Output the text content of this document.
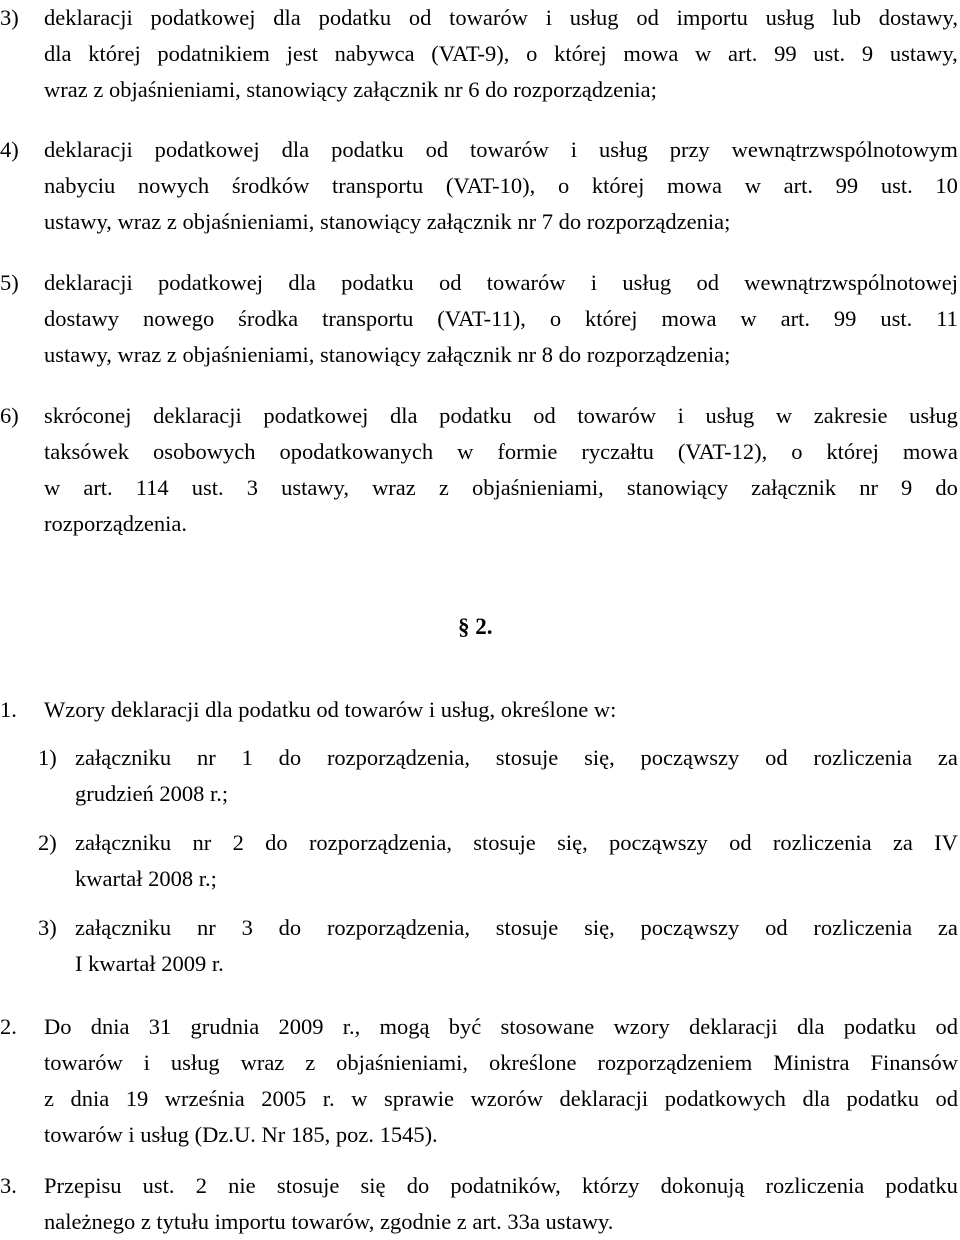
3)	deklaracji podatkowej dla podatku od towarów i usług od importu usług lub dostawy,
dla której podatnikiem jest nabywca (VAT-9), o której mowa w art. 99 ust. 9 ustawy,
wraz z objaśnieniami, stanowiący załącznik nr 6 do rozporządzenia;
4)	deklaracji podatkowej dla podatku od towarów i usług przy wewnątrzwspólnotowym
nabyciu nowych środków transportu (VAT-10), o której mowa w art. 99 ust. 10
ustawy, wraz z objaśnieniami, stanowiący załącznik nr 7 do rozporządzenia;
5)	deklaracji podatkowej dla podatku od towarów i usług od wewnątrzwspólnotowej
dostawy nowego środka transportu (VAT-11), o której mowa w art. 99 ust. 11
ustawy, wraz z objaśnieniami, stanowiący załącznik nr 8 do rozporządzenia;
6)	skróconej deklaracji podatkowej dla podatku od towarów i usług w zakresie usług
taksówek osobowych opodatkowanych w formie ryczałtu (VAT-12), o której mowa
w art. 114 ust. 3 ustawy, wraz z objaśnieniami, stanowiący załącznik nr 9 do
rozporządzenia.
§ 2.
1.	Wzory deklaracji dla podatku od towarów i usług, określone w:
1) załączniku nr 1 do rozporządzenia, stosuje się, począwszy od rozliczenia za
grudzień 2008 r.;
2) załączniku nr 2 do rozporządzenia, stosuje się, począwszy od rozliczenia za IV
kwartał 2008 r.;
3) załączniku nr 3 do rozporządzenia, stosuje się, począwszy od rozliczenia za
I kwartał 2009 r.
2.	Do dnia 31 grudnia 2009 r., mogą być stosowane wzory deklaracji dla podatku od
towarów i usług wraz z objaśnieniami, określone rozporządzeniem Ministra Finansów
z dnia 19 września 2005 r. w sprawie wzorów deklaracji podatkowych dla podatku od
towarów i usług (Dz.U. Nr 185, poz. 1545).
3.	Przepisu ust. 2 nie stosuje się do podatników, którzy dokonują rozliczenia podatku
należnego z tytułu importu towarów, zgodnie z art. 33a ustawy.
